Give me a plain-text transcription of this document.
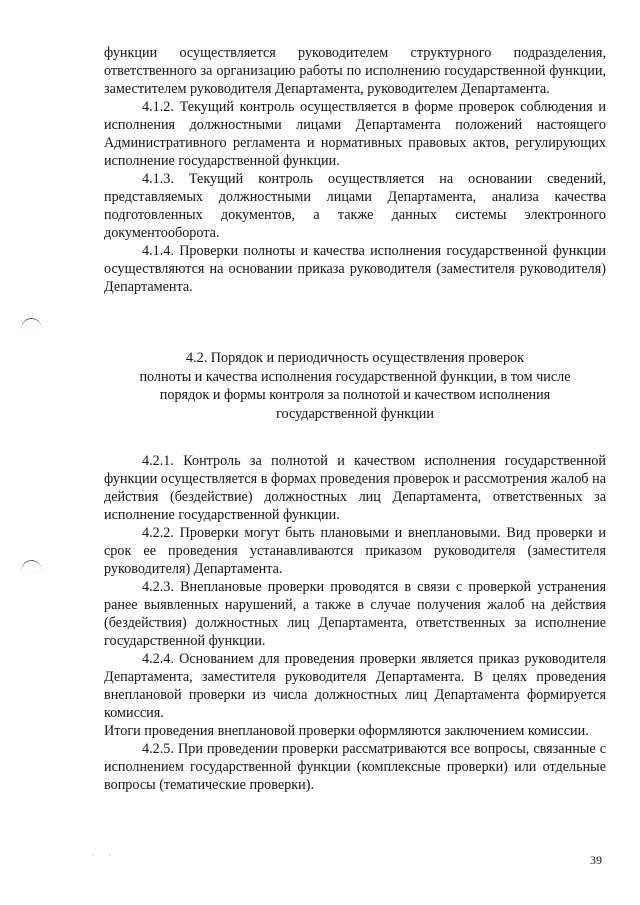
функции осуществляется руководителем структурного подразделения, ответственного за организацию работы по исполнению государственной функции, заместителем руководителя Департамента, руководителем Департамента.

4.1.2. Текущий контроль осуществляется в форме проверок соблюдения и исполнения должностными лицами Департамента положений настоящего Административного регламента и нормативных правовых актов, регулирующих исполнение государственной функции.

4.1.3. Текущий контроль осуществляется на основании сведений, представляемых должностными лицами Департамента, анализа качества подготовленных документов, а также данных системы электронного документооборота.

4.1.4. Проверки полноты и качества исполнения государственной функции осуществляются на основании приказа руководителя (заместителя руководителя) Департамента.

4.2. Порядок и периодичность осуществления проверок
полноты и качества исполнения государственной функции, в том числе
порядок и формы контроля за полнотой и качеством исполнения
государственной функции

4.2.1. Контроль за полнотой и качеством исполнения государственной функции осуществляется в формах проведения проверок и рассмотрения жалоб на действия (бездействие) должностных лиц Департамента, ответственных за исполнение государственной функции.

4.2.2. Проверки могут быть плановыми и внеплановыми. Вид проверки и срок ее проведения устанавливаются приказом руководителя (заместителя руководителя) Департамента.

4.2.3. Внеплановые проверки проводятся в связи с проверкой устранения ранее выявленных нарушений, а также в случае получения жалоб на действия (бездействия) должностных лиц Департамента, ответственных за исполнение государственной функции.

4.2.4. Основанием для проведения проверки является приказ руководителя Департамента, заместителя руководителя Департамента. В целях проведения внеплановой проверки из числа должностных лиц Департамента формируется комиссия.

Итоги проведения внеплановой проверки оформляются заключением комиссии.

4.2.5. При проведении проверки рассматриваются все вопросы, связанные с исполнением государственной функции (комплексные проверки) или отдельные вопросы (тематические проверки).

· ·	39
